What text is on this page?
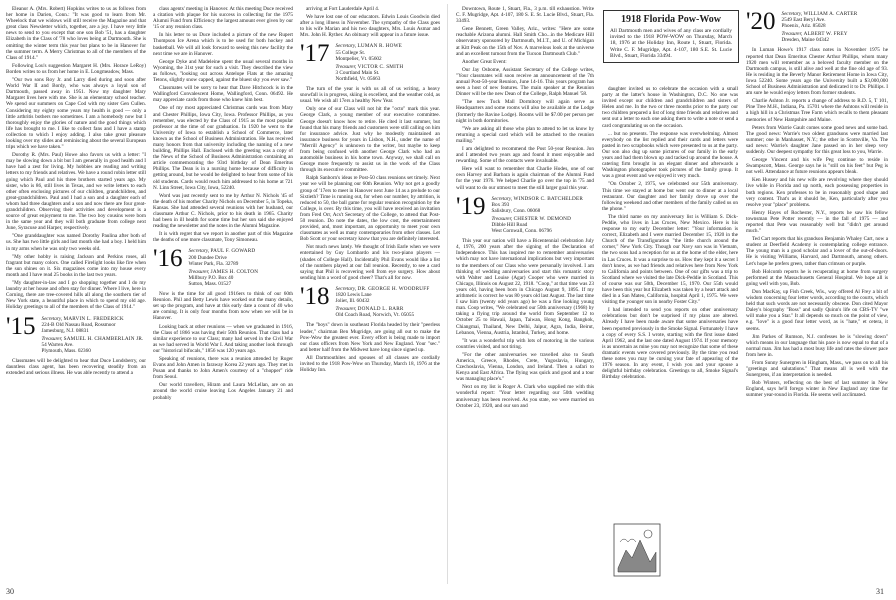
Eleanor A. (Mrs. Robert) Hopkins writes to us as follows from her home in Darien, Conn.: "It was good to learn from Mr. Wheelock that we widows will still receive the Magazine and that great class Newsletter which, together, are a joy. I have very little news to send to you except that one son Bob '51, has a daughter Elizabeth in the Class of '78 who loves being at Dartmouth. She is omitting the winter term this year but plans to be in Hanover for the summer term. A Merry Christmas to all of the members of the Class of 1914."

Following Lou's suggestion Margaret H. (Mrs. Horace LeRoy) Borden writes to us from her home in E. Longmeadow, Mass.

"Our two sons Roy Jr. and Larry died during and soon after World War II and Bordy, who was always a loyal son of Dartmouth, passed away in 1951. Now my daughter Mary Margaret lives here with me. She is an elementary school teacher. We spend our summers on Cape Cod with my sister Gen Cullen. Considering my eighty some years my health is good — only a little arthritis bothers me sometimes. I am a homebody now but I thoroughly enjoy the glories of nature and the good things which life has brought to me. I like to collect fans and I have a stamp collection to which I enjoy adding. I also take great pleasure looking over my slides and reminiscing about the several European trips which we have taken."

Dorothy R. (Mrs. Paul) Howe also favors us with a letter: "I may be slowing down a bit but I am generally in good health and I have had a zest for living. My hobbies are reading and writing letters to my friends and relatives. We have a round robin letter still going which Paul and his three brothers started years ago. My sister, who is 86, still lives in Texas, and we write letters to each other often enclosing pictures of our children, grandchildren, and great-grandchildren. Paul and I had a son and a daughter each of whom had three daughters and a son and now there are four great-grandchildren. Observing their activities and development is a source of great enjoyment to me. The two boy cousins were born in the same year and they will both graduate from college next June, Syracuse and Harper, respectively.

"One granddaughter was named Dorothy Paulina after both of us. She has two little girls and last month she had a boy. I held him in my arms when he was only two weeks old.

"My other hobby is raising Jackson and Perkins roses, all fragrant but many colors. One called Firelight looks like fire when the sun shines on it. Six magazines come into my house every month and I have read 25 books in the last two years.

"My daughter-in-law and I go shopping together and I do my laundry at her house and often stay for dinner. Where I live, here in Corning, there are tree-covered hills all along the southern tier of New York state, a beautiful place in which to spend my old age. Holiday greetings to all of the members of the Class of 1914."

'15 Secretary, MARVIN L. FREDERICK
224-B Old Nassau Road, Rossmoor
Jamesburg, N.J. 08831
Treasurer, SAMUEL H. CHAMBERLAIN JR.
54 Warren Ave.
Plymouth, Mass. 02360

Classmates will be delighted to hear that Duce Londsberry, our dauntless class agent, has been recovering steadily from an extended and serious illness. He was able recently to attend a

class agents' meeting in Hanover. At this meeting Duce received a citation with plaque for his success in collecting for the 1975 Alumni Fund from Efficiency the largest amount ever given by our '15 or any reunion class.

In his letter to us Duce included a picture of the new Rupert Thompson Ice Arena which is to be used for both hockey and basketball. We will all look forward to seeing this new facility the next time we are in Hanover.

George Dyke and Madeleine spent the usual several months in Wyoming, the 31st year for such a visit. They described the view as follows, "looking out across Antelope Flats at the amazing Tetons, slightly snow capped, against the bluest sky you ever saw."

Classmates will be sorry to hear that Dave Hitchcock is in the Wallingford Convalescent Home, Wallingford, Conn. 06492. He may appreciate cards from those who knew him best.

One of my most appreciated Christmas cards was from Mary and Chester Phillips, Iowa City, Iowa. Professor Phillips, as you remember, was elected by the Class of 1915 as the most popular professor at the time of our graduation. In 1920 he went to the University of Iowa to establish a School of Commerce, later known as the School of Business Administration. He has received many honors from that university including the naming of a new building, Phillips Hall. Enclosed with the greeting was a copy of the News of the School of Business Administration containing an article commemorating the 93rd birthday of Dean Emeritus Phillips. The Dean is in a nursing home because of difficulty in getting around, but he would be delighted to hear from some of his old students. Cards would reach him addressed to his home at 721 N. Linn Street, Iowa City, Iowa, 52240.

Word was just recently sent to me by Arthur N. Nichols '45 of the death of his mother Charity Nichols on December 5, in Topeka, Kansas. She had attended several reunions with her husband, our classmate Arthur C. Nichols, prior to his death in 1965. Charity had been in ill health for some time but her son said she enjoyed reading the newsletter and the notes in the Alumni Magazine.

It is with regret that we report in another part of this Magazine the deaths of one more classmate, Tony Simoneau.

'16 Secretary, PAUL F. GOWARD
200 Dundee Drive
Winter Park, Fla. 32789
Treasurer, JAMES H. COLTON
Millbury P.O. Box 40
Sutton, Mass. 01527

Now is the time for all good 1916ers to think of our 60th Reunion. Phil and Betty Lewis have worked out the many details, set up the program, and have at this early date a count of 40 who are coming. It is only four months from now when we will be in Hanover.

Looking back at other reunions — when we graduated in 1916, the Class of 1866 was having their 50th Reunion. That class had a similar experience to our Class; many had served in the Civil War as we had served in World War I. And taking another look through our "historical bifocals," 1856 was 120 years ago.

Speaking of reunions, there was a reunion attended by Roger Evans and John Amen in faraway Korea 22 years ago. They met in Pusan and thanks to John Amen's courtesy of a "chopper" ride from Seoul.

Our world travellers, Hiram and Laura McLellan, are on an around the world cruise leaving Los Angeles January 21 and probably

arriving at Fort Lauderdale April 4.

We have lost one of our educators. Edwin Louis Goodwin died after a long illness in November. The sympathy of the Class goes to his wife Marian and his two daughters, Mrs. Louis Asmar and Mrs. John H. Ryther. An obituary will appear in a future issue.

'17 Secretary, LUMAN R. HOWE
55 College St.
Montpelier, Vt. 05602
Treasurer, VICTOR C. SMITH
3 Courtland Main St.
Northfield, Vt. 05663

The turn of the year is with us all of us writing, a heavy snowfall is in progress, skiing is excellent, and the weather cold, as usual. We wish all 17ers a healthy New Year.

Only one of our Class will not hit the "octo" mark this year. George Clark, a young member of our executive committee. George doesn't know how to retire. He cited it last summer, but found that his many friends and customers were still calling on him for insurance advice. Just why he modestly maintained an insurance business for years in Lisbon, N.H., under the name of "Merrill Agency" is unknown to the writer, but maybe to keep from being confused with another George Clark who had an automobile business in his home town. Anyway, we shall call on George more frequently to assist us in the work of the Class through its executive committee.

Ralph Sanborn's ideas re Post-50 class reunions set timely. Next year we will be planning our 60th Reunion. Why not get a goodly group of '17ers to meet in Hanover next June 14 as a prelude to our Sixtieth? Time is running out, for when our number, by attrition, is reduced to 50, the ball game for regular reunion recognition by the College, is over. By this time, you will have received an invitation from Fred Orr, Acs't Secretary of the College, to attend that Post-50 reunion. Do note the dates, the low cost, the entertainment provided, and, most important, an opportunity to meet your own classmates as well as many contemporaries from other classes. Let Bob Scott or your secretary know that you are definitely interested.

Not much news lately. We thought of Irish Earle when we were entertained by Guy Lombardo and his two-piano players — (shades of College Hall). Incidentally Phil Evans would like a list of the numbers played at our fall reunion. Recently, to see a card saying that Phil is recovering well from eye surgery. How about sending him a word of good cheer? That's all for now.

'18 Secretary, DR. GEORGE H. WOODRUFF
1820 Lewis Lane
Joliet, Ill. 60432
Treasurer, DONALD L. BARR
Old Coach Road, Norwich, Vt. 05055

The "boys" down in southeast Florida headed by their "peerless leader," chairman Ben Mugridge, are going all out to make the Pow-Wow the greatest ever. Every effort is being made to import our class officers from New York and New England. Your "sec." and better half from the Midwest have long since signed up.

All Dartmouthites and spouses of all classes are cordially invited to the 1918 Pow-Wow on Thursday, March 18, 1976 at the Holiday Inn.

30

Downtown, Route 1, Stuart, Fla., 3 p.m. till exhaustion. Write C. F. Mugridge, Apt. 4-107, 180 S. E. St. Lucie Blvd., Stuart, Fla. 33493.

Gene Bennett, Green Valley, Ariz., writes: "Here are some reachable Arizona alumni. Hall Smith Cho...in the Medicare Hill observatory sponsored by Dartmouth, M.I.T., and U. of Michigan at Kitt Peak on the 15th of Nov. A marvelous look at the universe and an excellent turnout from the Tucson Dartmouth Club."

Another Great Event:

Our Jay Osbome, Assistant Secretary of the College writes, "Your classmates will soon receive an announcement of the 7th annual Post-50-year Reunion, June 14-16. This years program has seen a host of new features. The main speaker at the Reunion Dinner will be the new Dean of the College, Ralph Manuel '58.

"The new Tuck Mall Dormitory will again serve as Headquarters and some rooms will also be available at the Lodge (formerly the Ravine Lodge). Rooms will be $7.00 per person per night in both dormitories.

"We are asking all those who plan to attend to let us know by returning a special card which will be attached to the reunion mailing."

I am delighted to recommend the Post 50-year Reunion. Jon and I attended two years ago and found it most enjoyable and rewarding. Some of the contacts were invaluable.

Here will want to remember that Charlie Hodes, one of our own Harvey and Barbara is again chairman of the Alumni Fund for the year 1976. We helped Charlie go over the top in '75 and will want to do our utmost to meet the still larger goal this year.

'19 Secretary, WINDSOR C. BATCHELDER
Box 393
Salisbury, Conn. 06068
Treasurer, CHESTER W. DEMOND
Dibble Hill Road
West Cornwall, Conn. 06796

This year our nation will have a Bicentennial celebration July 4, 1976, 200 years after the signing of the Declaration of Independence. This has inspired me to remember anniversaries which may not have international implications but very important to the members of our Class who were personally involved. I am thinking of wedding anniversaries and start this romantic story with Walter and Louise (Agar) Cooper who were married in Chicago, Illinois on August 22, 1918. "Coop," at that time was 23 years old, having been born in Chicago August 9, 1895. If my arithmetic is correct he was 80 years old last August. The last time I saw him (twenty odd years ago) he was a fine looking young man. Coop writes, "We celebrated our 50th anniversary (1968) by taking a flying trip around the world from September 12 to October 25 to Hawaii, Japan, Taiwan, Hong Kong, Bangkok, Chiangmai, Thailand, New Delhi, Jaipur, Agra, India, Beirut, Lebanon, Vienna, Austria, Istanbul, Turkey, and home.

"It was a wonderful trip with lots of motoring in the various countries visited, and not tiring.

"For the other anniversaries we travelled also to South America, Greece, Rhodes, Crete, Yugoslavia, Hungary, Czechoslavia, Vienna, London, and Ireland. Then a safari to Kenya and East Africa. The flying was quick and good and a tour was managing place's."

Next on my list is Roger A. Clark who supplied me with this wonderful report: "Your letter regarding our 50th wedding anniversary has been received. As you state, we were married on October 23, 1920, and our son and

1918 Florida Pow-Wow
All Dartmouth men and wives of any class are cordially invited to the 1918 POW-WOW on Thursday, March 18, 1976 at the Holiday Inn, Route 1, Stuart, Florida. Write C. F. Mugridge, Apt. 4-107, 180 S.E. St. Lucie Blvd., Stuart, Florida 33494.

daughter invited us to celebrate the occasion with a small party at the latter's house in Washington, D.C. No one was invited except our children and grandchildren and sisters of Helen and me. In the two or three months prior to the party our two children prepared a list of long time friends and relatives and sent out a letter to each one asking them to write a note or send a card congratulating us on the occasion.

... but no presents. The response was overwhelming. Almost everybody on the list replied and their cards and letters were pasted in two scrapbooks which were presented to us at the party. Our son also dug up some pictures of our family in the early years and had them blown up and tacked up around the house. A catering firm brought in an elegant dinner and afterwards a Washington photographer took pictures of the family group. It was a great event and we enjoyed it very much.

"On October 2, 1975, we celebrated our 55th anniversary. This time we stayed at home but went out to dinner at a local restaurant. Our daughter and her family drove up over the following weekend and other members of the family called us on the phone."

The third name on my anniversary list is William S. Dick-Peddie, who lives in Las Cruces, New Mexico. Here is his response to my early December letter: "Your information is correct, Elizabeth and I were married December 15, 1920 in the Church of the Transfiguration "the little church around the corner," New York City. Though our Navy son was in Vietnam, the two sons had a reception for us at the home of the elder, here in Las Cruces. It was a surprise to us. How they kept it a secret I don't know, as we had friends and relatives here from New York to California and points between. One of our gifts was a trip to Scotland where we visited the late Dick-Peddie in Scotland. This of course was our 50th, December 15, 1970. Our 55th would have been this year but Elizabeth was taken by a heart attack and died in a San Mateo, California, hospital April 1, 1975. We were visiting the younger son in nearby Foster City."

I had intended to send you reports on other anniversary celebrations but don't be surprised if my plans are altered. Already I have been made aware that some anniversaries have been reported previously in the Smoke Signal. Fortunately I have a copy of every S.S. I wrote, starting with the first issue dated April 1962, and the last one dated August 1974. If your memory is as uncertain as mine you may not recognize that some of these dramatic events were covered previously. By the time you read these notes you may be cursing your fate of appearing of the 1976 season. In any event, I wish you and your spouse a delightful birthday celebration. Greetings to all, Smoke Signal's Birthday celebration.

'20 Secretary, WILLIAM A. CARTER
2549 East Beryl Ave.
Phoenix, Ariz. 85028
Treasurer, ALBERT W. FREY
Dresden, Maine 04342

In Luman Howe's 1917 class notes in November 1975 he reported that Dean Emeritus Chester Arthur Phillips, whom many 1920 men will remember as a beloved faculty member on the Dartmouth campus, is still alive and well at the fine old age of 93. He is residing in the Beverly Manor Retirement Home in Iowa City, Iowa 52240. Some years ago the University built a $3,000,000 School of Business Administration and dedicated it to Dr. Phillips. I am sure he would enjoy letters from former students.

Charlie Ashton Jr. reports a change of address to R.D. 5, T 101, Pine Tree M.H., Indiana, Pa. 15701 where the Ashtons will reside in a high hill in a Christmas Tree Farm which recalls to them pleasant memories of New Hampshire and Maine.

Peters from Warrie Gault comes some good news and some bad. The good news: Warrie's two oldest grandsons were married last summer; one in Manhasset, N.Y.; the other in Scottsville, Va. The sad news: Warrie's daughter Jane passed on in her sleep very suddenly. Our deepest sympathy for this great loss to you, Warrie.

George Vincent and his wife Peg continue to reside in Swampscott, Mass. George says he is "still on his feet" but Peg is not well. Attendance at future reunions appears bleak.

Ken Hussey and his new wife are revolving where they should live while in Florida and up north, each possessing properties in both regions. Ken professes to be in reasonably good shape and very content. That's as it should be, Ken, particularly after you resolve your "place" problems.

Henry Hayes of Rochester, N.Y., reports he saw his fellow townsman Pete Potter recently — in the fall of 1975 — and reported that Pete was reasonably well but "didn't get around much."

Ted Cart reports that his grandson Benjamin Whaley Cart, now a student at Deerfield Academy is contemplating college entrance. The young man is a good scholar and a lover of the out-of-doors. He is visiting Williams, Harvard, and Dartmouth, among others. Let's hope he prefers green, rather than crimson or purple.

Bob Holcomb reports he is recuperating at home from surgery performed at the Massachusetts General Hospital. We hope all is going well with you, Bob.

Don MacKay, up Fish Creek, Wis., way offered Al Frey a bit of wisdom concerning four letter words, according to the courts, which held that such words are not necessarily obscene. Don cited Mayor Daley's biography "Boss" and sadly Quinn's life on CBS-TV "we will make you a Star." It all depends so much on the point of view, e.g. "love" is a good four letter word, as is "hate," et cetera, it seems.

Jim Parkes of Rumson, N.J. confesses he is "slowing down" which means in our language that his pace is now equal to that of a normal man. Jim has had a most busy life and rates the slower pace from here in.

From Sunny Sunergren in Hingham, Mass., we pass on to all his "greetings and salutations." That means all is well with the Sunergrens, if an interpretation is needed.

Bob Winters, reflecting on the best of last summer in New England, says he'll forego winter in New England any time for summer year-round in Florida. He seems well acclimated.

31
